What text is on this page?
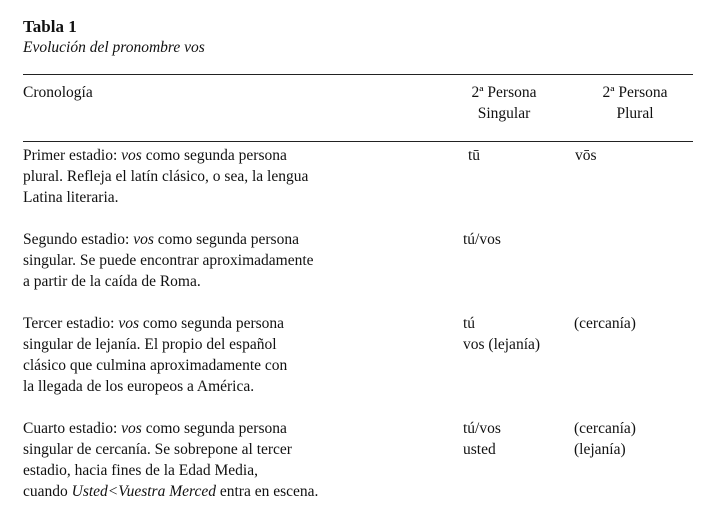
Tabla 1
Evolución del pronombre vos
Cronología	2ª Persona
Singular
2ª Persona
Plural
Primer estadio: vos como segunda persona
plural. Refleja el latín clásico, o sea, la lengua
Latina literaria.
tū	vōs
Segundo estadio: vos como segunda persona
singular. Se puede encontrar aproximadamente
a partir de la caída de Roma.
tú/vos
Tercer estadio: vos como segunda persona
singular de lejanía. El propio del español
clásico que culmina aproximadamente con
la llegada de los europeos a América.
tú
vos (lejanía)
(cercanía)
Cuarto estadio: vos como segunda persona
singular de cercanía. Se sobrepone al tercer
estadio, hacia fines de la Edad Media,
cuando Usted<Vuestra Merced entra en escena.
tú/vos
usted
(cercanía)
(lejanía)
